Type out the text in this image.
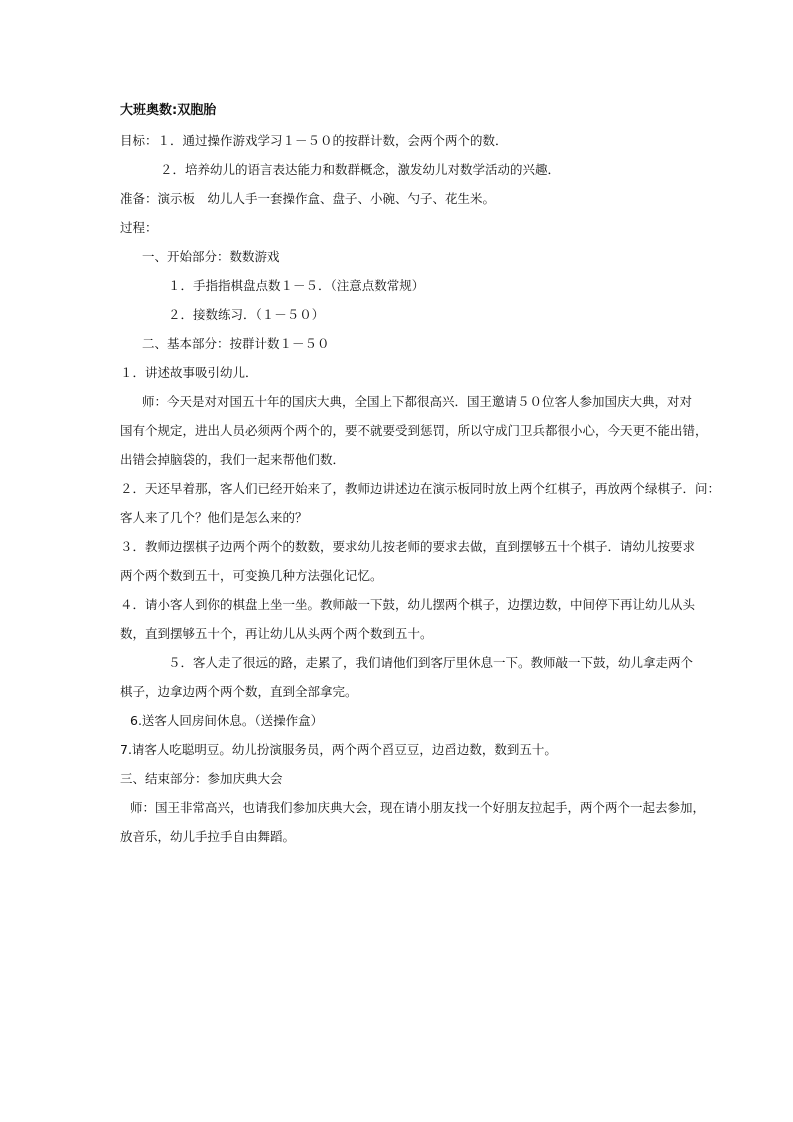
大班奥数:双胞胎
目标：１．通过操作游戏学习１－５０的按群计数，会两个两个的数．
２．培养幼儿的语言表达能力和数群概念，激发幼儿对数学活动的兴趣．
准备：演示板　幼儿人手一套操作盒、盘子、小碗、勺子、花生米。
过程：
一、开始部分：数数游戏
１．手指指棋盘点数１－５．（注意点数常规）
２．接数练习．（１－５０）
二、基本部分：按群计数１－５０
１．讲述故事吸引幼儿．
师：今天是对对国五十年的国庆大典，全国上下都很高兴．国王邀请５０位客人参加国庆大典，对对
国有个规定，进出人员必须两个两个的，要不就要受到惩罚，所以守成门卫兵都很小心，今天更不能出错，
出错会掉脑袋的，我们一起来帮他们数．
２．天还早着那，客人们已经开始来了，教师边讲述边在演示板同时放上两个红棋子，再放两个绿棋子．问：
客人来了几个？他们是怎么来的？
３．教师边摆棋子边两个两个的数数，要求幼儿按老师的要求去做，直到摆够五十个棋子．请幼儿按要求
两个两个数到五十，可变换几种方法强化记忆。
４．请小客人到你的棋盘上坐一坐。教师敲一下鼓，幼儿摆两个棋子，边摆边数，中间停下再让幼儿从头
数，直到摆够五十个，再让幼儿从头两个两个数到五十。
５．客人走了很远的路，走累了，我们请他们到客厅里休息一下。教师敲一下鼓，幼儿拿走两个
棋子，边拿边两个两个数，直到全部拿完。
6.送客人回房间休息。（送操作盒）
7.请客人吃聪明豆。幼儿扮演服务员，两个两个舀豆豆，边舀边数，数到五十。
三、结束部分：参加庆典大会
师：国王非常高兴，也请我们参加庆典大会，现在请小朋友找一个好朋友拉起手，两个两个一起去参加，
放音乐，幼儿手拉手自由舞蹈。
